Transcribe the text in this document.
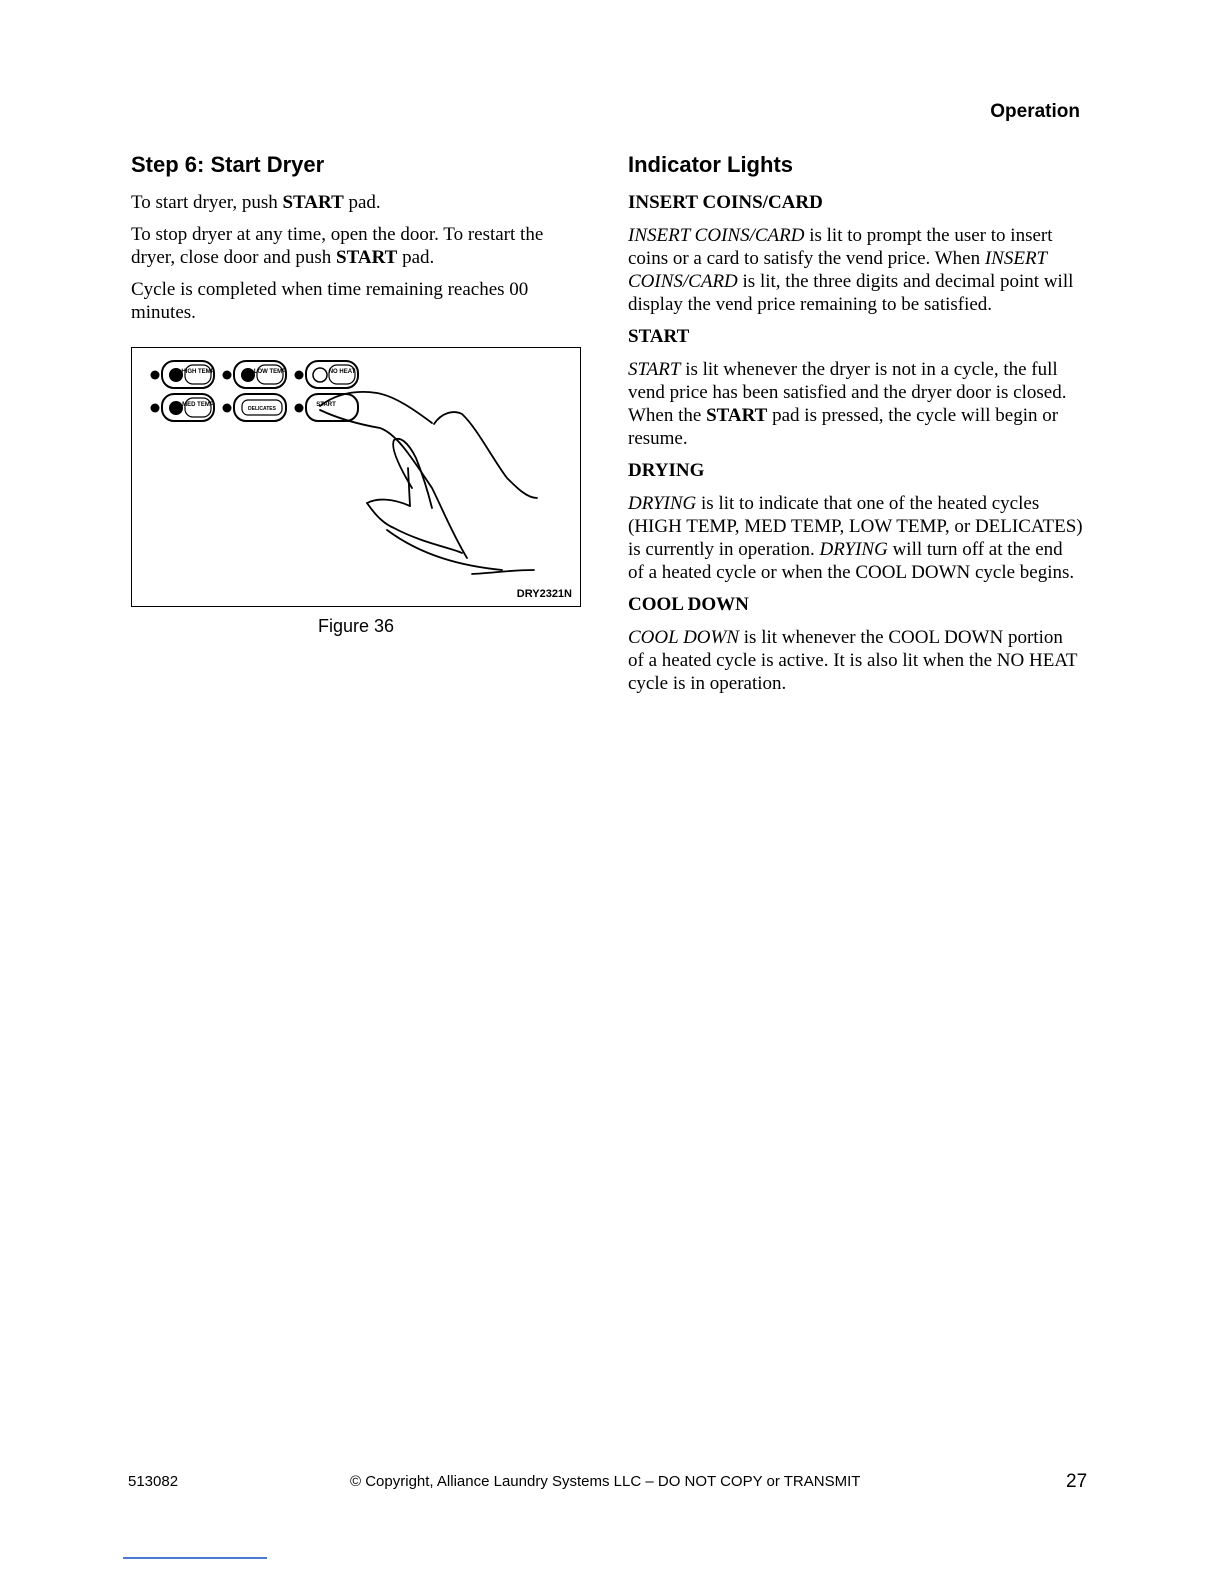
Operation
Step 6: Start Dryer

To start dryer, push START pad.

To stop dryer at any time, open the door. To restart the dryer, close door and push START pad.

Cycle is completed when time remaining reaches 00 minutes.

HIGH TEMP	LOW TEMP	NO HEAT
MED TEMP
DELICATES
START
DRY2321N
Figure 36
Indicator Lights
INSERT COINS/CARD

INSERT COINS/CARD is lit to prompt the user to insert coins or a card to satisfy the vend price. When INSERT COINS/CARD is lit, the three digits and decimal point will display the vend price remaining to be satisfied.

START

START is lit whenever the dryer is not in a cycle, the full vend price has been satisfied and the dryer door is closed. When the START pad is pressed, the cycle will begin or resume.

DRYING

DRYING is lit to indicate that one of the heated cycles (HIGH TEMP, MED TEMP, LOW TEMP, or DELICATES) is currently in operation. DRYING will turn off at the end of a heated cycle or when the COOL DOWN cycle begins.

COOL DOWN

COOL DOWN is lit whenever the COOL DOWN portion of a heated cycle is active. It is also lit when the NO HEAT cycle is in operation.

513082	© Copyright, Alliance Laundry Systems LLC – DO NOT COPY or TRANSMIT	27
